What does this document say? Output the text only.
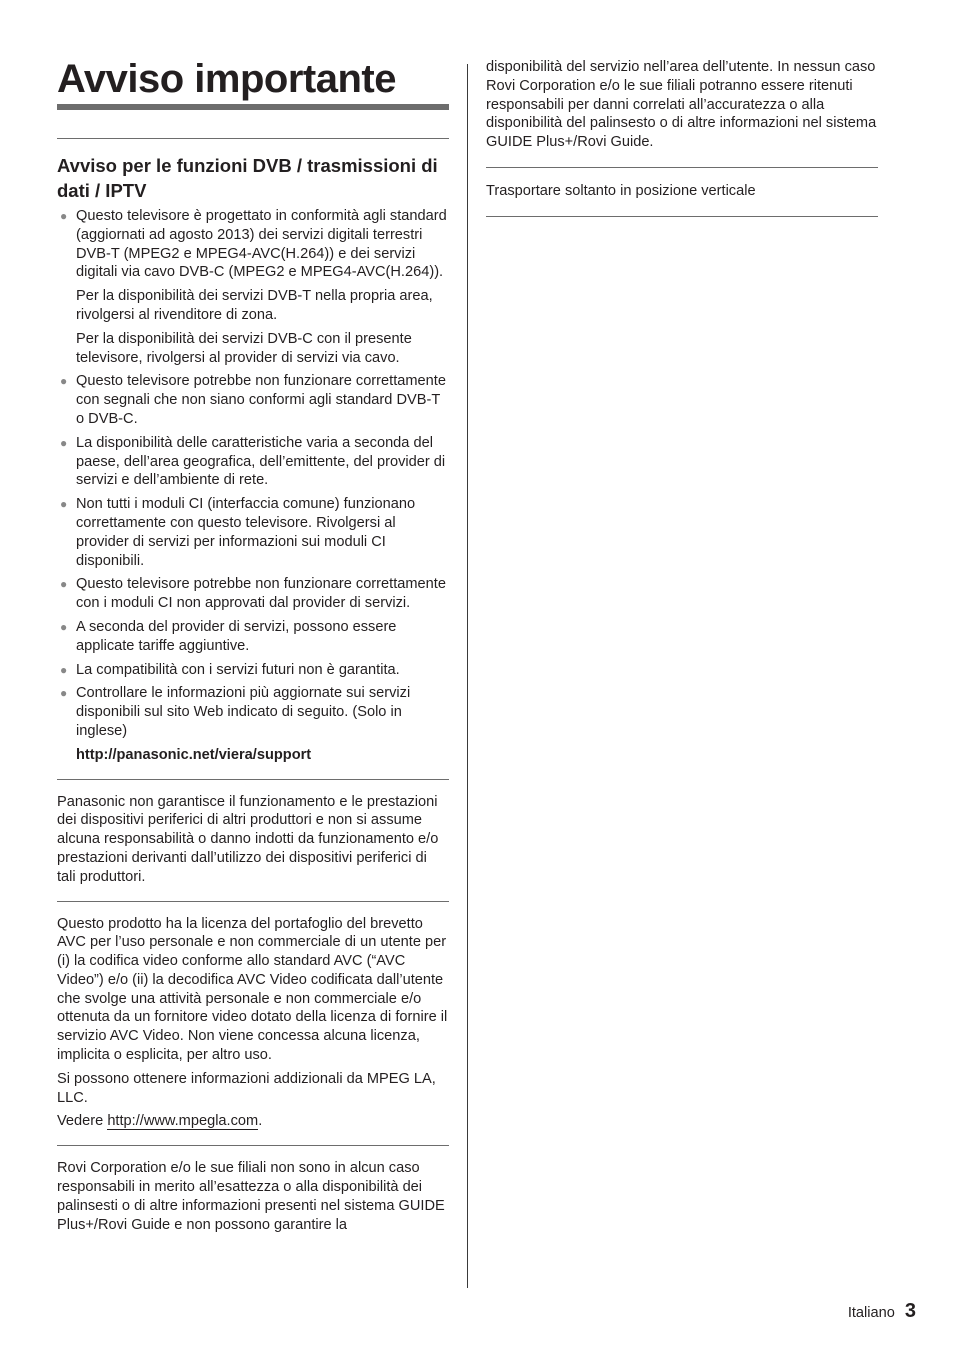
Avviso importante
Avviso per le funzioni DVB / trasmissioni di dati / IPTV
● Questo televisore è progettato in conformità agli standard (aggiornati ad agosto 2013) dei servizi digitali terrestri DVB-T (MPEG2 e MPEG4-AVC(H.264)) e dei servizi digitali via cavo DVB-C (MPEG2 e MPEG4-AVC(H.264)).

Per la disponibilità dei servizi DVB-T nella propria area, rivolgersi al rivenditore di zona.

Per la disponibilità dei servizi DVB-C con il presente televisore, rivolgersi al provider di servizi via cavo.

● Questo televisore potrebbe non funzionare correttamente con segnali che non siano conformi agli standard DVB-T o DVB-C.
● La disponibilità delle caratteristiche varia a seconda del paese, dell’area geografica, dell’emittente, del provider di servizi e dell’ambiente di rete.
● Non tutti i moduli CI (interfaccia comune) funzionano correttamente con questo televisore. Rivolgersi al provider di servizi per informazioni sui moduli CI disponibili.
● Questo televisore potrebbe non funzionare correttamente con i moduli CI non approvati dal provider di servizi.
● A seconda del provider di servizi, possono essere applicate tariffe aggiuntive.
● La compatibilità con i servizi futuri non è garantita.
● Controllare le informazioni più aggiornate sui servizi disponibili sul sito Web indicato di seguito. (Solo in inglese)

http://panasonic.net/viera/support

Panasonic non garantisce il funzionamento e le prestazioni dei dispositivi periferici di altri produttori e non si assume alcuna responsabilità o danno indotti da funzionamento e/o prestazioni derivanti dall’utilizzo dei dispositivi periferici di tali produttori.

Questo prodotto ha la licenza del portafoglio del brevetto AVC per l’uso personale e non commerciale di un utente per (i) la codifica video conforme allo standard AVC (“AVC Video”) e/o (ii) la decodifica AVC Video codificata dall’utente che svolge una attività personale e non commerciale e/o ottenuta da un fornitore video dotato della licenza di fornire il servizio AVC Video. Non viene concessa alcuna licenza, implicita o esplicita, per altro uso.

Si possono ottenere informazioni addizionali da MPEG LA, LLC.

Vedere http://www.mpegla.com.

Rovi Corporation e/o le sue filiali non sono in alcun caso responsabili in merito all’esattezza o alla disponibilità dei palinsesti o di altre informazioni presenti nel sistema GUIDE Plus+/Rovi Guide e non possono garantire la

disponibilità del servizio nell’area dell’utente. In nessun caso Rovi Corporation e/o le sue filiali potranno essere ritenuti responsabili per danni correlati all’accuratezza o alla disponibilità del palinsesto o di altre informazioni nel sistema GUIDE Plus+/Rovi Guide.

Trasportare soltanto in posizione verticale

Italiano 3
